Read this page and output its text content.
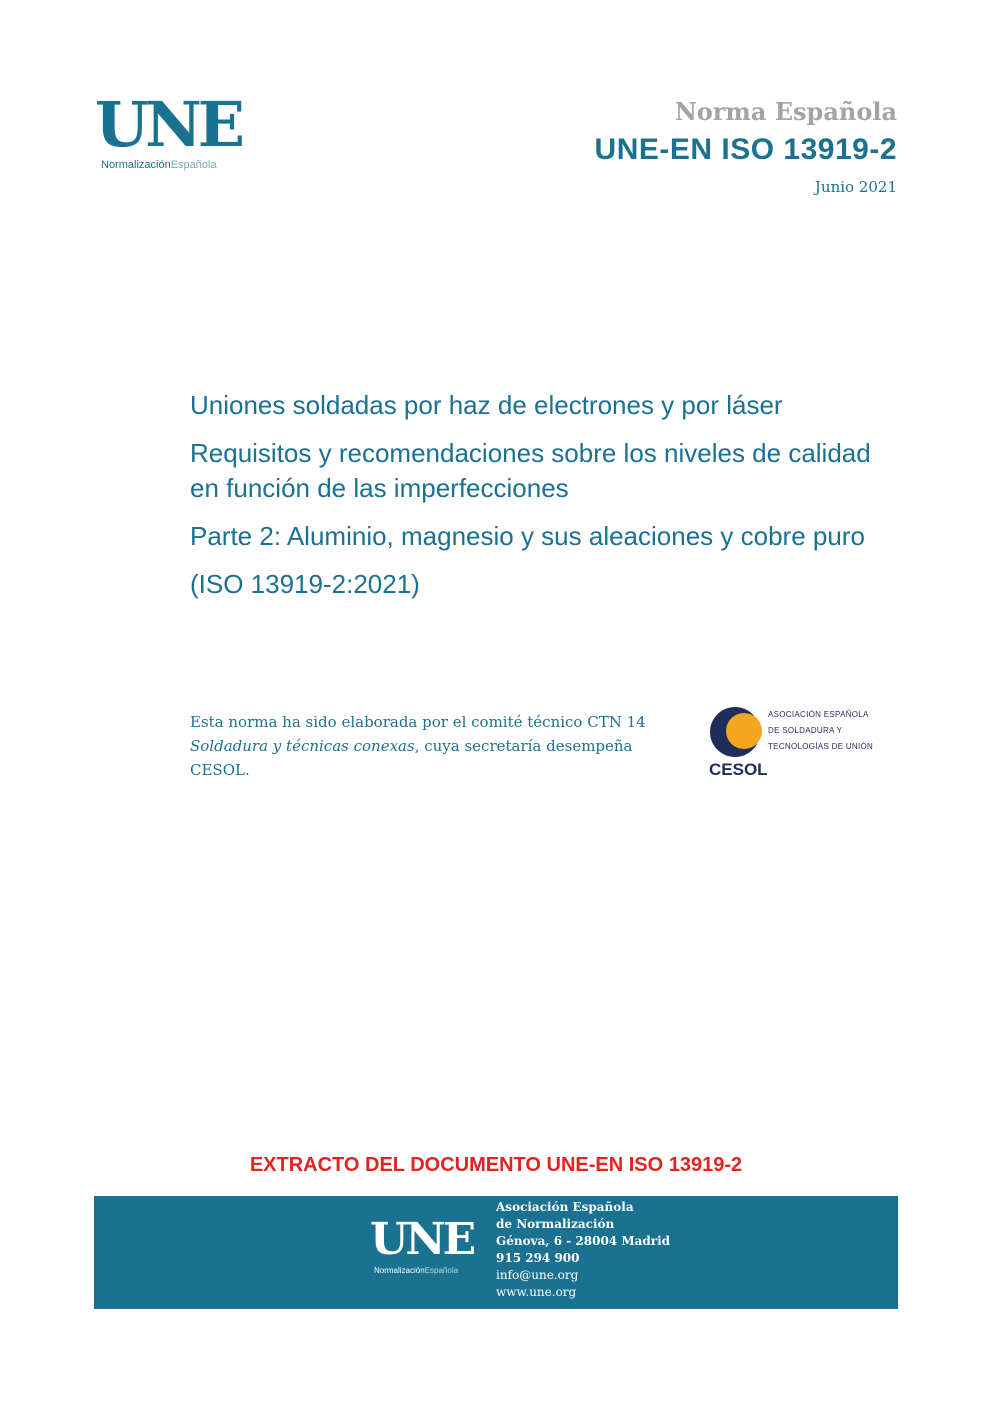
UNE
NormalizaciónEspañola
Norma Española
UNE-EN ISO 13919-2
Junio 2021
Uniones soldadas por haz de electrones y por láser
Requisitos y recomendaciones sobre los niveles de calidad en función de las imperfecciones
Parte 2: Aluminio, magnesio y sus aleaciones y cobre puro
(ISO 13919-2:2021)
Esta norma ha sido elaborada por el comité técnico CTN 14 Soldadura y técnicas conexas, cuya secretaría desempeña CESOL.	CESOL
ASOCIACIÓN ESPAÑOLA
DE SOLDADURA Y
TECNOLOGÍAS DE UNIÓN
EXTRACTO DEL DOCUMENTO UNE-EN ISO 13919-2
UNE
NormalizaciónEspañola
Asociación Española
de Normalización
Génova, 6 - 28004 Madrid
915 294 900
info@une.org
www.une.org
